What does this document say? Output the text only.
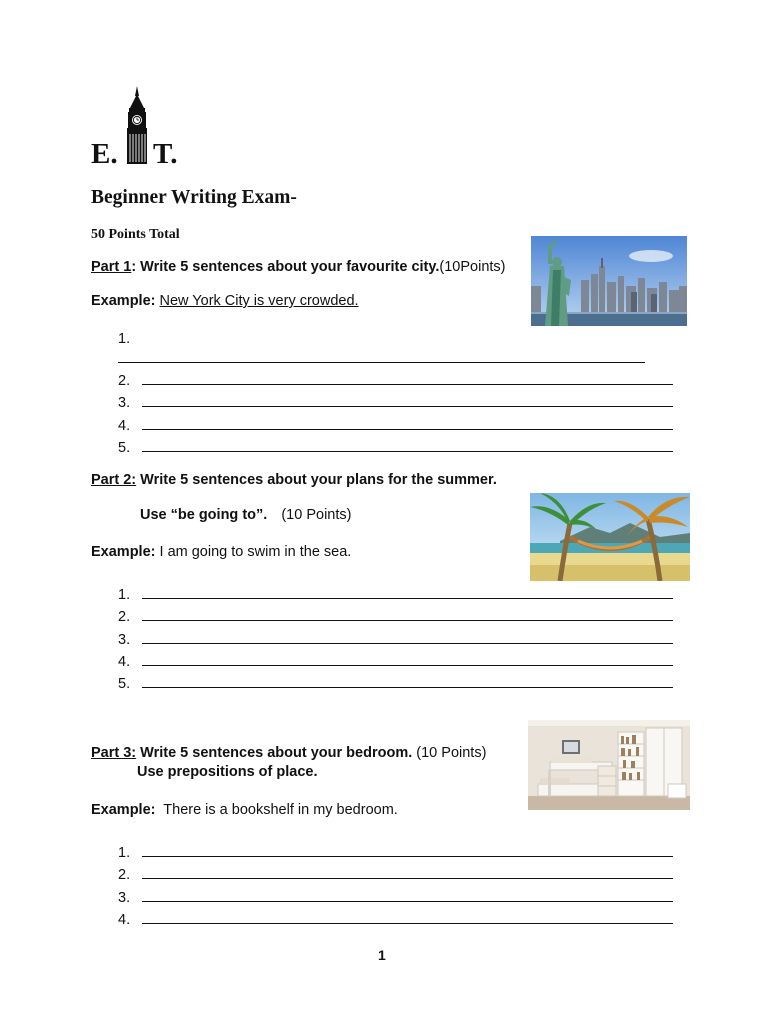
E. T.
Beginner Writing Exam-
50 Points Total
Part 1: Write 5 sentences about your favourite city.(10Points)
Example: New York City is very crowded.
1.
2.
3.
4.
5.
Part 2: Write 5 sentences about your plans for the summer.
Use “be going to”. (10 Points)
Example: I am going to swim in the sea.
1.
2.
3.
4.
5.
Part 3: Write 5 sentences about your bedroom. (10 Points)
Use prepositions of place.
Example:  There is a bookshelf in my bedroom.
1.
2.
3.
4.
1
